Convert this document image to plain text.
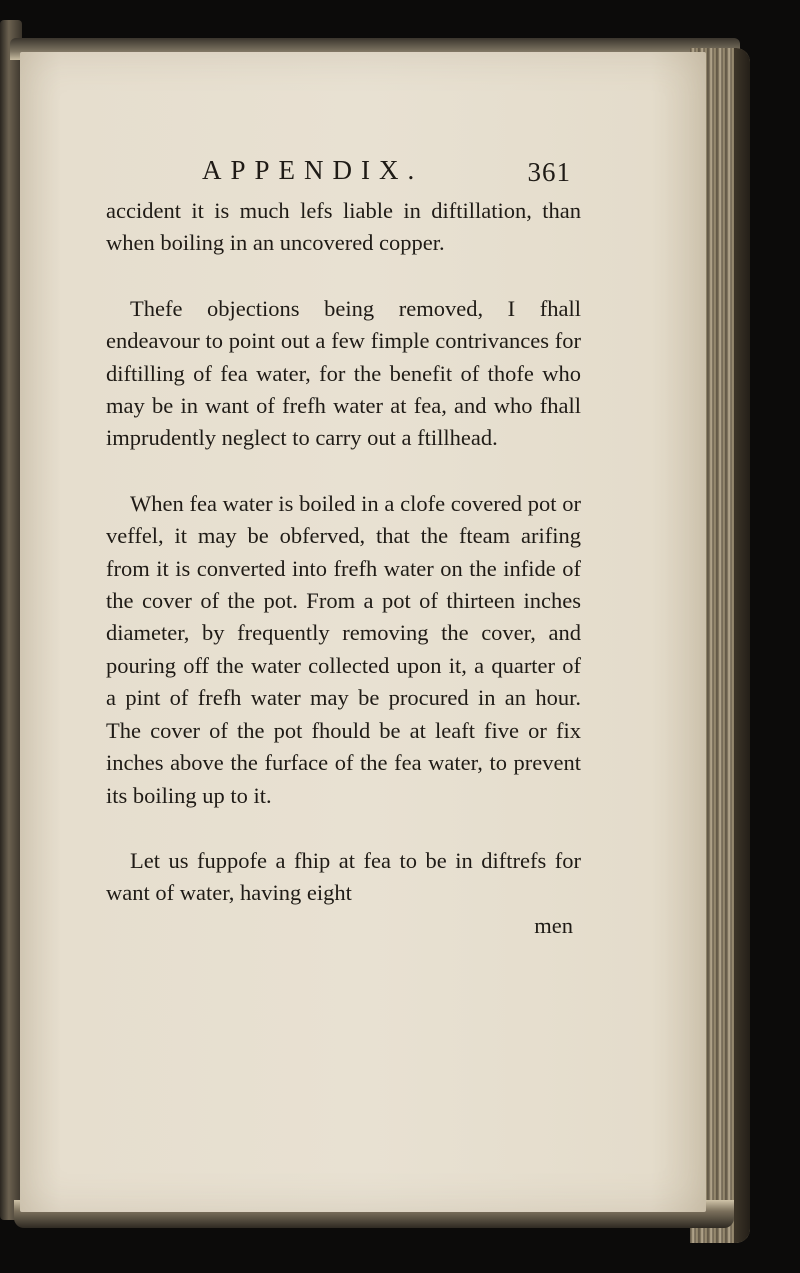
APPENDIX.	361

accident it is much lefs liable in diftillation, than when boiling in an uncovered copper.

Thefe objections being removed, I fhall endeavour to point out a few fimple contrivances for diftilling of fea water, for the benefit of thofe who may be in want of frefh water at fea, and who fhall imprudently neglect to carry out a ftillhead.

When fea water is boiled in a clofe covered pot or veffel, it may be obferved, that the fteam arifing from it is converted into frefh water on the infide of the cover of the pot. From a pot of thirteen inches diameter, by frequently removing the cover, and pouring off the water collected upon it, a quarter of a pint of frefh water may be procured in an hour. The cover of the pot fhould be at leaft five or fix inches above the furface of the fea water, to prevent its boiling up to it.

Let us fuppofe a fhip at fea to be in diftrefs for want of water, having eight

men
